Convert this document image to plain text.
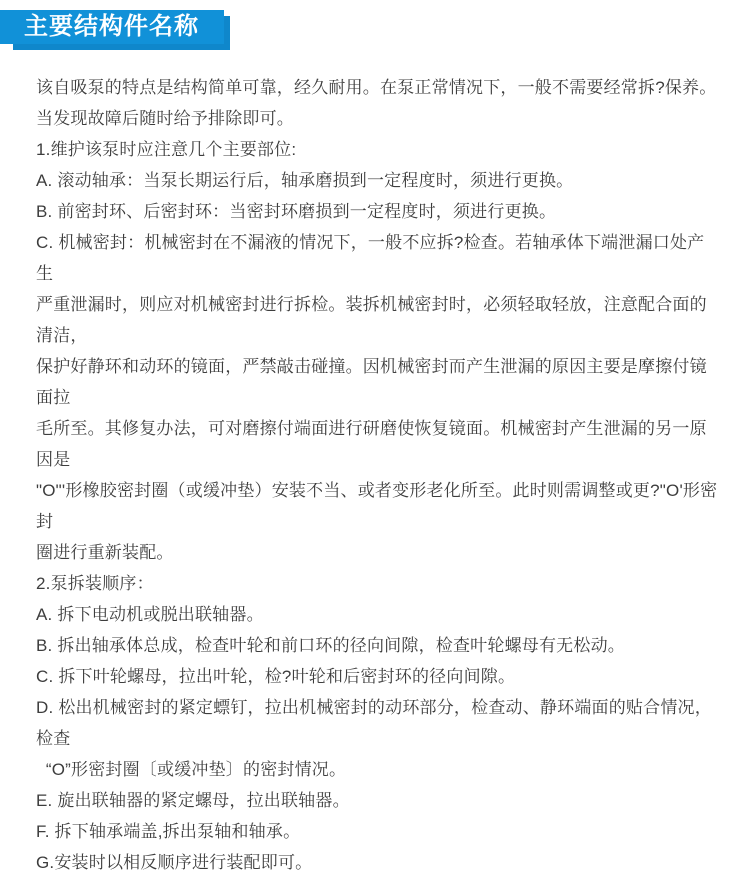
主要结构件名称

该自吸泵的特点是结构简单可靠，经久耐用。在泵正常情况下，一般不需要经常拆?保养。

当发现故障后随时给予排除即可。

1.维护该泵时应注意几个主要部位:

A. 滚动轴承：当泵长期运行后，轴承磨损到一定程度时，须进行更换。

B. 前密封环、后密封环：当密封环磨损到一定程度时，须进行更换。

C. 机械密封：机械密封在不漏液的情况下，一般不应拆?检查。若轴承体下端泄漏口处产生

严重泄漏时，则应对机械密封进行拆检。装拆机械密封时，必须轻取轻放，注意配合面的清洁，

保护好静环和动环的镜面，严禁敲击碰撞。因机械密封而产生泄漏的原因主要是摩擦付镜面拉

毛所至。其修复办法，可对磨擦付端面进行研磨使恢复镜面。机械密封产生泄漏的另一原因是

"O"'形橡胶密封圈（或缓冲垫）安装不当、或者变形老化所至。此时则需调整或更?"O'形密封

圈进行重新装配。

2.泵拆装顺序：

A. 拆下电动机或脱出联轴器。

B. 拆出轴承体总成，检查叶轮和前口环的径向间隙，检查叶轮螺母有无松动。

C. 拆下叶轮螺母，拉出叶轮，检?叶轮和后密封环的径向间隙。

D. 松出机械密封的紧定螵钉，拉出机械密封的动环部分，检查动、静环端面的贴合情况，检查

“O”形密封圈〔或缓冲垫〕的密封情况。

E. 旋出联轴器的紧定螺母，拉出联轴器。

F. 拆下轴承端盖,拆出泵轴和轴承。

G.安装时以相反顺序进行装配即可。
